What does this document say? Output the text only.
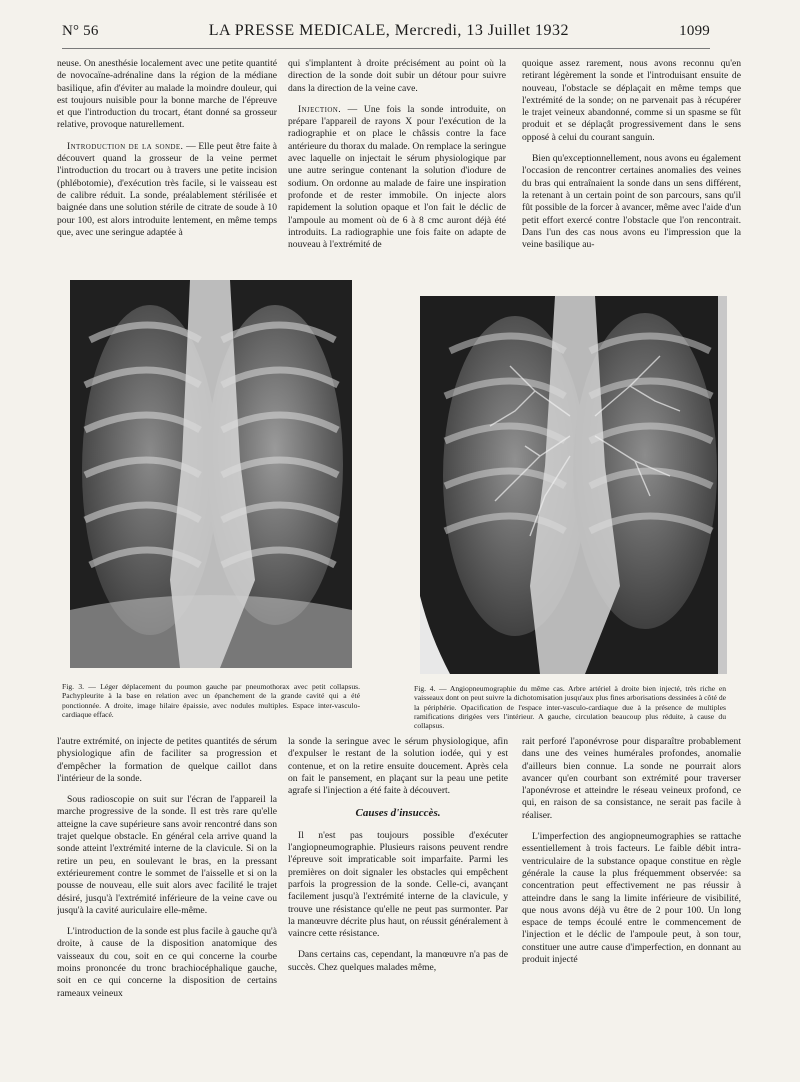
N° 56	LA PRESSE MEDICALE, Mercredi, 13 Juillet 1932	1099

neuse. On anesthésie localement avec une petite quantité de novocaïne-adrénaline dans la région de la médiane basilique, afin d'éviter au malade la moindre douleur, qui est toujours nuisible pour la bonne marche de l'épreuve et que l'introduction du trocart, étant donné sa grosseur relative, provoque naturellement.

Introduction de la sonde. — Elle peut être faite à découvert quand la grosseur de la veine permet l'introduction du trocart ou à travers une petite incision (phlébotomie), d'exécution très facile, si le vaisseau est de calibre réduit. La sonde, préalablement stérilisée et baignée dans une solution stérile de citrate de soude à 10 pour 100, est alors introduite lentement, en même temps que, avec une seringue adaptée à

qui s'implantent à droite précisément au point où la direction de la sonde doit subir un détour pour suivre dans la direction de la veine cave.

Injection. — Une fois la sonde introduite, on prépare l'appareil de rayons X pour l'exécution de la radiographie et on place le châssis contre la face antérieure du thorax du malade. On remplace la seringue avec laquelle on injectait le sérum physiologique par une autre seringue contenant la solution d'iodure de sodium. On ordonne au malade de faire une inspiration profonde et de rester immobile. On injecte alors rapidement la solution opaque et l'on fait le déclic de l'ampoule au moment où de 6 à 8 cmc auront déjà été introduits. La radiographie une fois faite on adapte de nouveau à l'extrémité de

quoique assez rarement, nous avons reconnu qu'en retirant légèrement la sonde et l'introduisant ensuite de nouveau, l'obstacle se déplaçait en même temps que l'extrémité de la sonde; on ne parvenait pas à récupérer le trajet veineux abandonné, comme si un spasme se fût produit et se déplaçât progressivement dans le sens opposé à celui du courant sanguin.

Bien qu'exceptionnellement, nous avons eu également l'occasion de rencontrer certaines anomalies des veines du bras qui entraînaient la sonde dans un sens différent, la retenant à un certain point de son parcours, sans qu'il fût possible de la forcer à avancer, même avec l'aide d'un petit effort exercé contre l'obstacle que l'on rencontrait. Dans l'un des cas nous avons eu l'impression que la veine basilique au-

Fig. 3. — Léger déplacement du poumon gauche par pneumothorax avec petit collapsus. Pachypleurite à la base en relation avec un épanchement de la grande cavité qui a été ponctionnée. A droite, image hilaire épaissie, avec nodules multiples. Espace inter-vasculo-cardiaque effacé.
Fig. 4. — Angiopneumographie du même cas. Arbre artériel à droite bien injecté, très riche en vaisseaux dont on peut suivre la dichotomisation jusqu'aux plus fines arborisations dessinées à côté de la périphérie. Opacification de l'espace inter-vasculo-cardiaque due à la présence de multiples ramifications dirigées vers l'intérieur. A gauche, circulation beaucoup plus réduite, à cause du collapsus.

l'autre extrémité, on injecte de petites quantités de sérum physiologique afin de faciliter sa progression et d'empêcher la formation de quelque caillot dans l'intérieur de la sonde.

Sous radioscopie on suit sur l'écran de l'appareil la marche progressive de la sonde. Il est très rare qu'elle atteigne la cave supérieure sans avoir rencontré dans son trajet quelque obstacle. En général cela arrive quand la sonde atteint l'extrémité interne de la clavicule. Si on la retire un peu, en soulevant le bras, en la pressant extérieurement contre le sommet de l'aisselle et si on la pousse de nouveau, elle suit alors avec facilité le trajet désiré, jusqu'à l'extrémité inférieure de la veine cave ou jusqu'à la cavité auriculaire elle-même.

L'introduction de la sonde est plus facile à gauche qu'à droite, à cause de la disposition anatomique des vaisseaux du cou, soit en ce qui concerne la courbe moins prononcée du tronc brachiocéphalique gauche, soit en ce qui concerne la disposition de certains rameaux veineux

la sonde la seringue avec le sérum physiologique, afin d'expulser le restant de la solution iodée, qui y est contenue, et on la retire ensuite doucement. Après cela on fait le pansement, en plaçant sur la peau une petite agrafe si l'injection a été faite à découvert.

Causes d'insuccès.

Il n'est pas toujours possible d'exécuter l'angiopneumographie. Plusieurs raisons peuvent rendre l'épreuve soit impraticable soit imparfaite. Parmi les premières on doit signaler les obstacles qui empêchent parfois la progression de la sonde. Celle-ci, avançant facilement jusqu'à l'extrémité interne de la clavicule, y trouve une résistance qu'elle ne peut pas surmonter. Par la manœuvre décrite plus haut, on réussit généralement à vaincre cette résistance.

Dans certains cas, cependant, la manœuvre n'a pas de succès. Chez quelques malades même,

rait perforé l'aponévrose pour disparaître probablement dans une des veines humérales profondes, anomalie d'ailleurs bien connue. La sonde ne pourrait alors avancer qu'en courbant son extrémité pour traverser l'aponévrose et atteindre le réseau veineux profond, ce qui, en raison de sa consistance, ne serait pas facile à réaliser.

L'imperfection des angiopneumographies se rattache essentiellement à trois facteurs. Le faible débit intra-ventriculaire de la substance opaque constitue en règle générale la cause la plus fréquemment observée: sa concentration peut effectivement ne pas réussir à atteindre dans le sang la limite inférieure de visibilité, que nous avons déjà vu être de 2 pour 100. Un long espace de temps écoulé entre le commencement de l'injection et le déclic de l'ampoule peut, à son tour, constituer une autre cause d'imperfection, en donnant au produit injecté
